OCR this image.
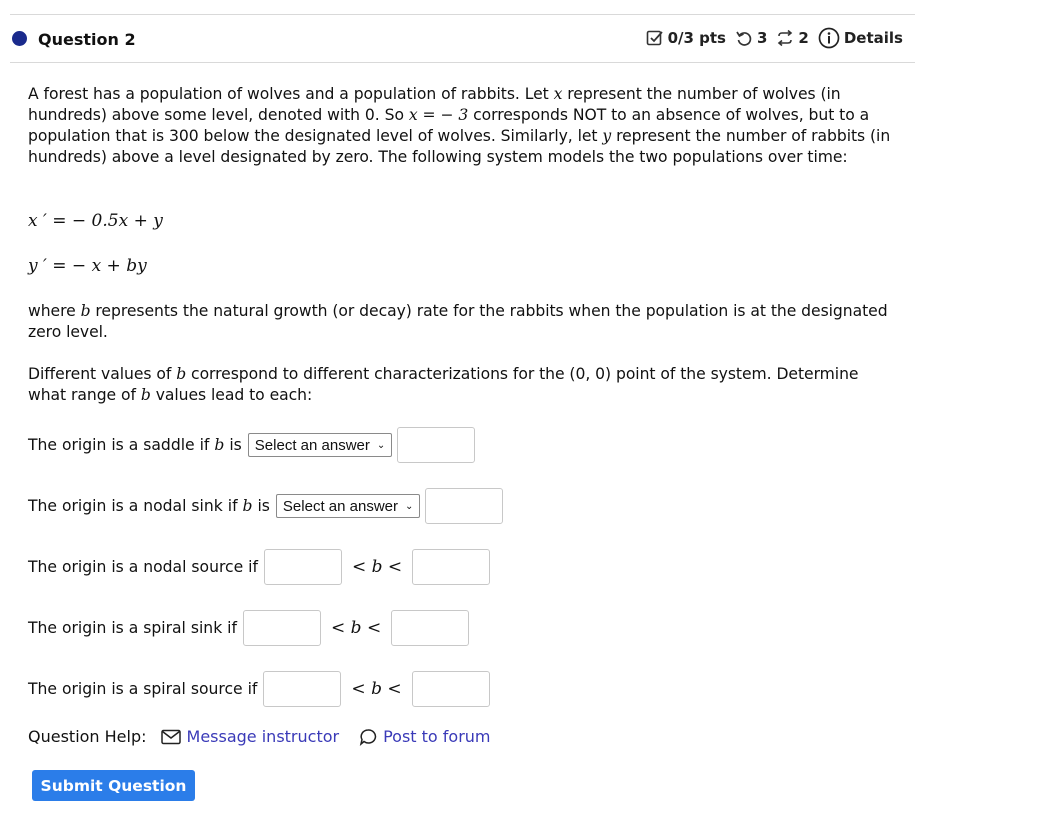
Question 2	0/3 pts 3 2 Details
A forest has a population of wolves and a population of rabbits. Let x represent the number of wolves (in hundreds) above some level, denoted with 0. So x = − 3 corresponds NOT to an absence of wolves, but to a population that is 300 below the designated level of wolves. Similarly, let y represent the number of rabbits (in hundreds) above a level designated by zero. The following system models the two populations over time:
x ′ = − 0.5x + y
y ′ = − x + by
where b represents the natural growth (or decay) rate for the rabbits when the population is at the designated zero level.
Different values of b correspond to different characterizations for the (0, 0) point of the system. Determine what range of b values lead to each:
The origin is a saddle if b is Select an answer ⌄
The origin is a nodal sink if b is Select an answer ⌄
The origin is a nodal source if	< b <
The origin is a spiral sink if	< b <
The origin is a spiral source if	< b <
Question Help:	Message instructor	Post to forum
Submit Question
